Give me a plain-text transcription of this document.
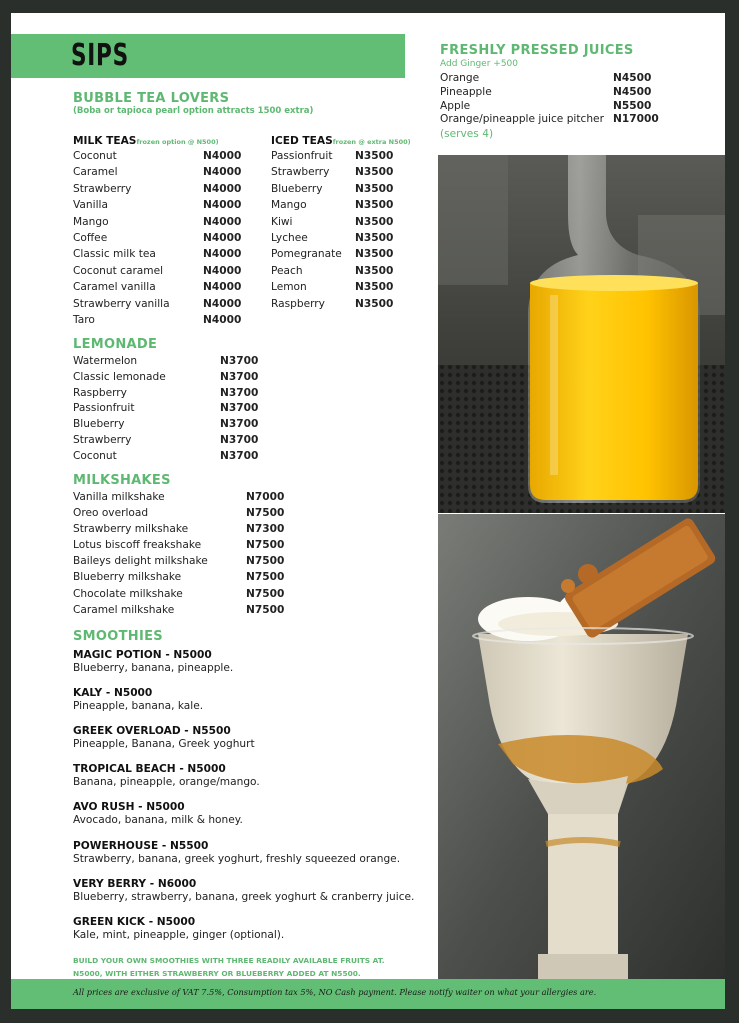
SIPS
BUBBLE TEA LOVERS
(Boba or tapioca pearl option attracts 1500 extra)
MILK TEASfrozen option @ N500)
Coconut	N4000
Caramel	N4000
Strawberry	N4000
Vanilla	N4000
Mango	N4000
Coffee	N4000
Classic milk tea	N4000
Coconut caramel	N4000
Caramel vanilla	N4000
Strawberry vanilla	N4000
Taro	N4000
ICED TEASfrozen @ extra N500)
Passionfruit N3500
Strawberry N3500
Blueberry	N3500
Mango	N3500
Kiwi	N3500
Lychee	N3500
Pomegranate N3500
Peach	N3500
Lemon	N3500
Raspberry	N3500
LEMONADE
Watermelon	N3700
Classic lemonade	N3700
Raspberry	N3700
Passionfruit	N3700
Blueberry	N3700
Strawberry	N3700
Coconut	N3700
MILKSHAKES
Vanilla milkshake	N7000
Oreo overload	N7500
Strawberry milkshake	N7300
Lotus biscoff freakshake	N7500
Baileys delight milkshake	N7500
Blueberry milkshake	N7500
Chocolate milkshake	N7500
Caramel milkshake	N7500
SMOOTHIES
MAGIC POTION - N5000
Blueberry, banana, pineapple.
KALY - N5000
Pineapple, banana, kale.
GREEK OVERLOAD - N5500
Pineapple, Banana, Greek yoghurt
TROPICAL BEACH - N5000
Banana, pineapple, orange/mango.
AVO RUSH - N5000
Avocado, banana, milk & honey.
POWERHOUSE - N5500
Strawberry, banana, greek yoghurt, freshly squeezed orange.
VERY BERRY - N6000
Blueberry, strawberry, banana, greek yoghurt & cranberry juice.
GREEN KICK - N5000
Kale, mint, pineapple, ginger (optional).
BUILD YOUR OWN SMOOTHIES WITH THREE READILY AVAILABLE FRUITS AT.
N5000, WITH EITHER STRAWBERRY OR BLUEBERRY ADDED AT N5500.
FRESHLY PRESSED JUICES
Add Ginger +500
Orange	N4500
Pineapple	N4500
Apple	N5500
Orange/pineapple juice pitcher N17000
(serves 4)
All prices are exclusive of VAT 7.5%, Consumption tax 5%, NO Cash payment. Please notify waiter on what your allergies are.
